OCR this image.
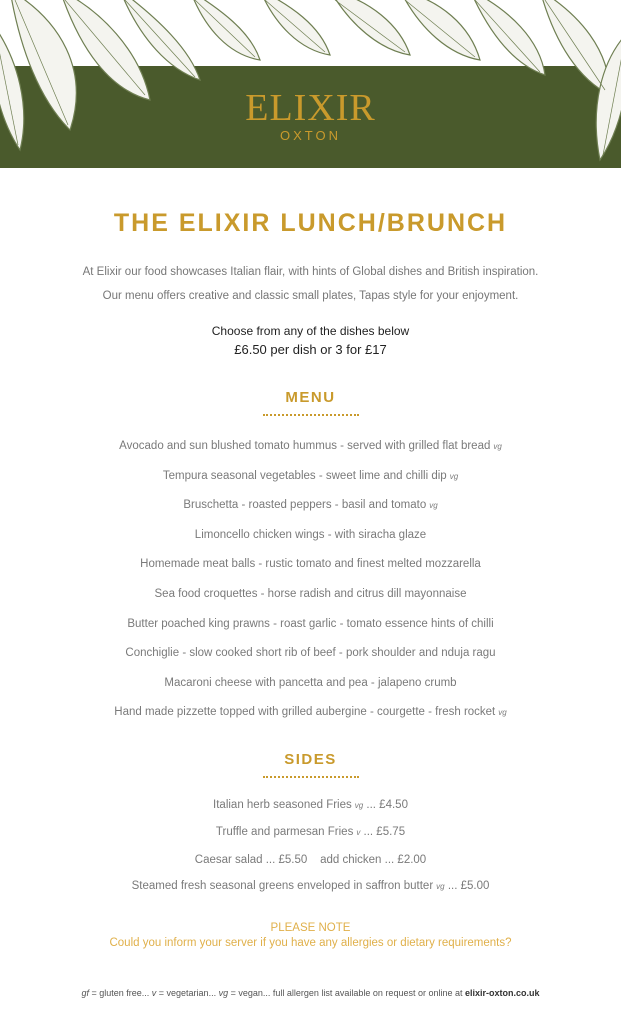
ELIXIR
OXTON
THE ELIXIR LUNCH/BRUNCH
At Elixir our food showcases Italian flair, with hints of Global dishes and British inspiration.
Our menu offers creative and classic small plates, Tapas style for your enjoyment.
Choose from any of the dishes below
£6.50 per dish or 3 for £17
MENU
Avocado and sun blushed tomato hummus - served with grilled flat bread vg
Tempura seasonal vegetables - sweet lime and chilli dip vg
Bruschetta - roasted peppers - basil and tomato vg
Limoncello chicken wings - with siracha glaze
Homemade meat balls - rustic tomato and finest melted mozzarella
Sea food croquettes - horse radish and citrus dill mayonnaise
Butter poached king prawns - roast garlic - tomato essence hints of chilli
Conchiglie - slow cooked short rib of beef - pork shoulder and nduja ragu
Macaroni cheese with pancetta and pea - jalapeno crumb
Hand made pizzette topped with grilled aubergine - courgette - fresh rocket vg
SIDES
Italian herb seasoned Fries vg ... £4.50
Truffle and parmesan Fries v ... £5.75
Caesar salad ... £5.50    add chicken ... £2.00
Steamed fresh seasonal greens enveloped in saffron butter vg ... £5.00
PLEASE NOTE
Could you inform your server if you have any allergies or dietary requirements?
gf = gluten free... v = vegetarian... vg = vegan... full allergen list available on request or online at elixir-oxton.co.uk
